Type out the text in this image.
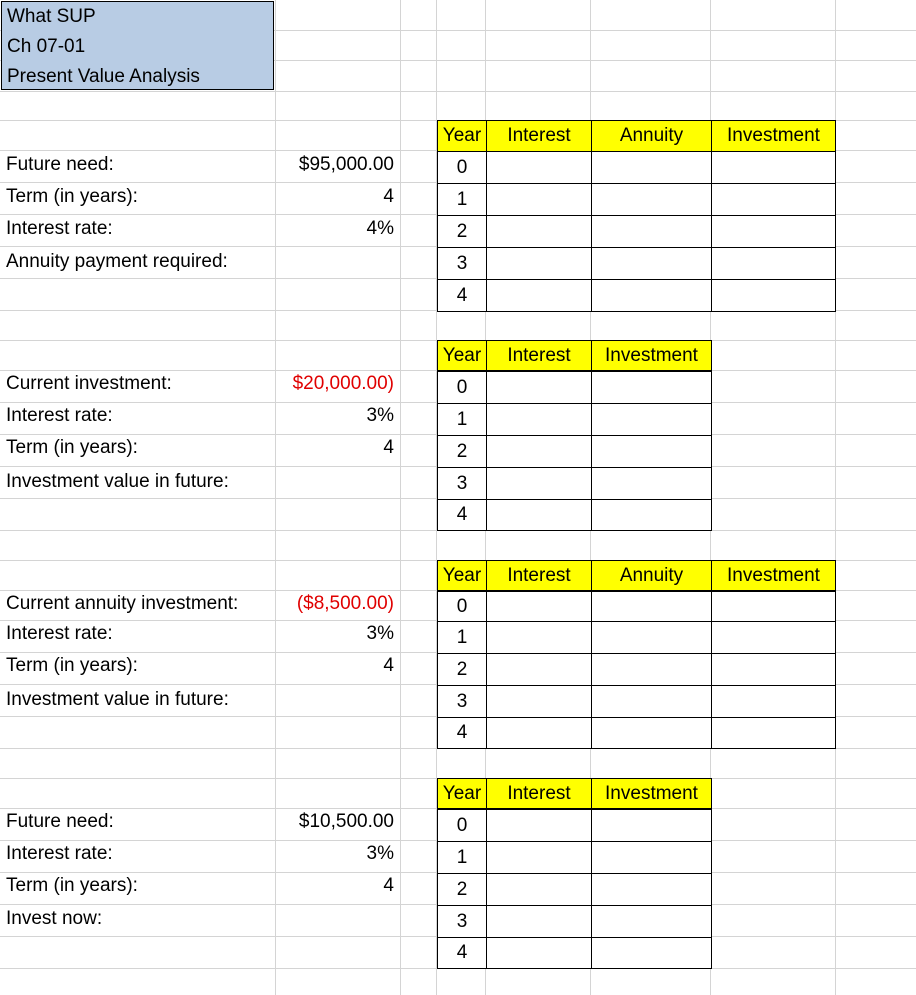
What SUP
Ch 07-01
Present Value Analysis
Future need:	$95,000.00
Term (in years):	4
Interest rate:	4%
Annuity payment required:
Current investment:	$20,000.00)
Interest rate:	3%
Term (in years):	4
Investment value in future:
Current annuity investment:	($8,500.00)
Interest rate:	3%
Term (in years):	4
Investment value in future:
Future need:	$10,500.00
Interest rate:	3%
Term (in years):	4
Invest now:
Year	Interest	Annuity	Investment
0
1
2
3
4
Year	Interest	Investment
0
1
2
3
4
Year	Interest	Annuity	Investment
0
1
2
3
4
Year	Interest	Investment
0
1
2
3
4
